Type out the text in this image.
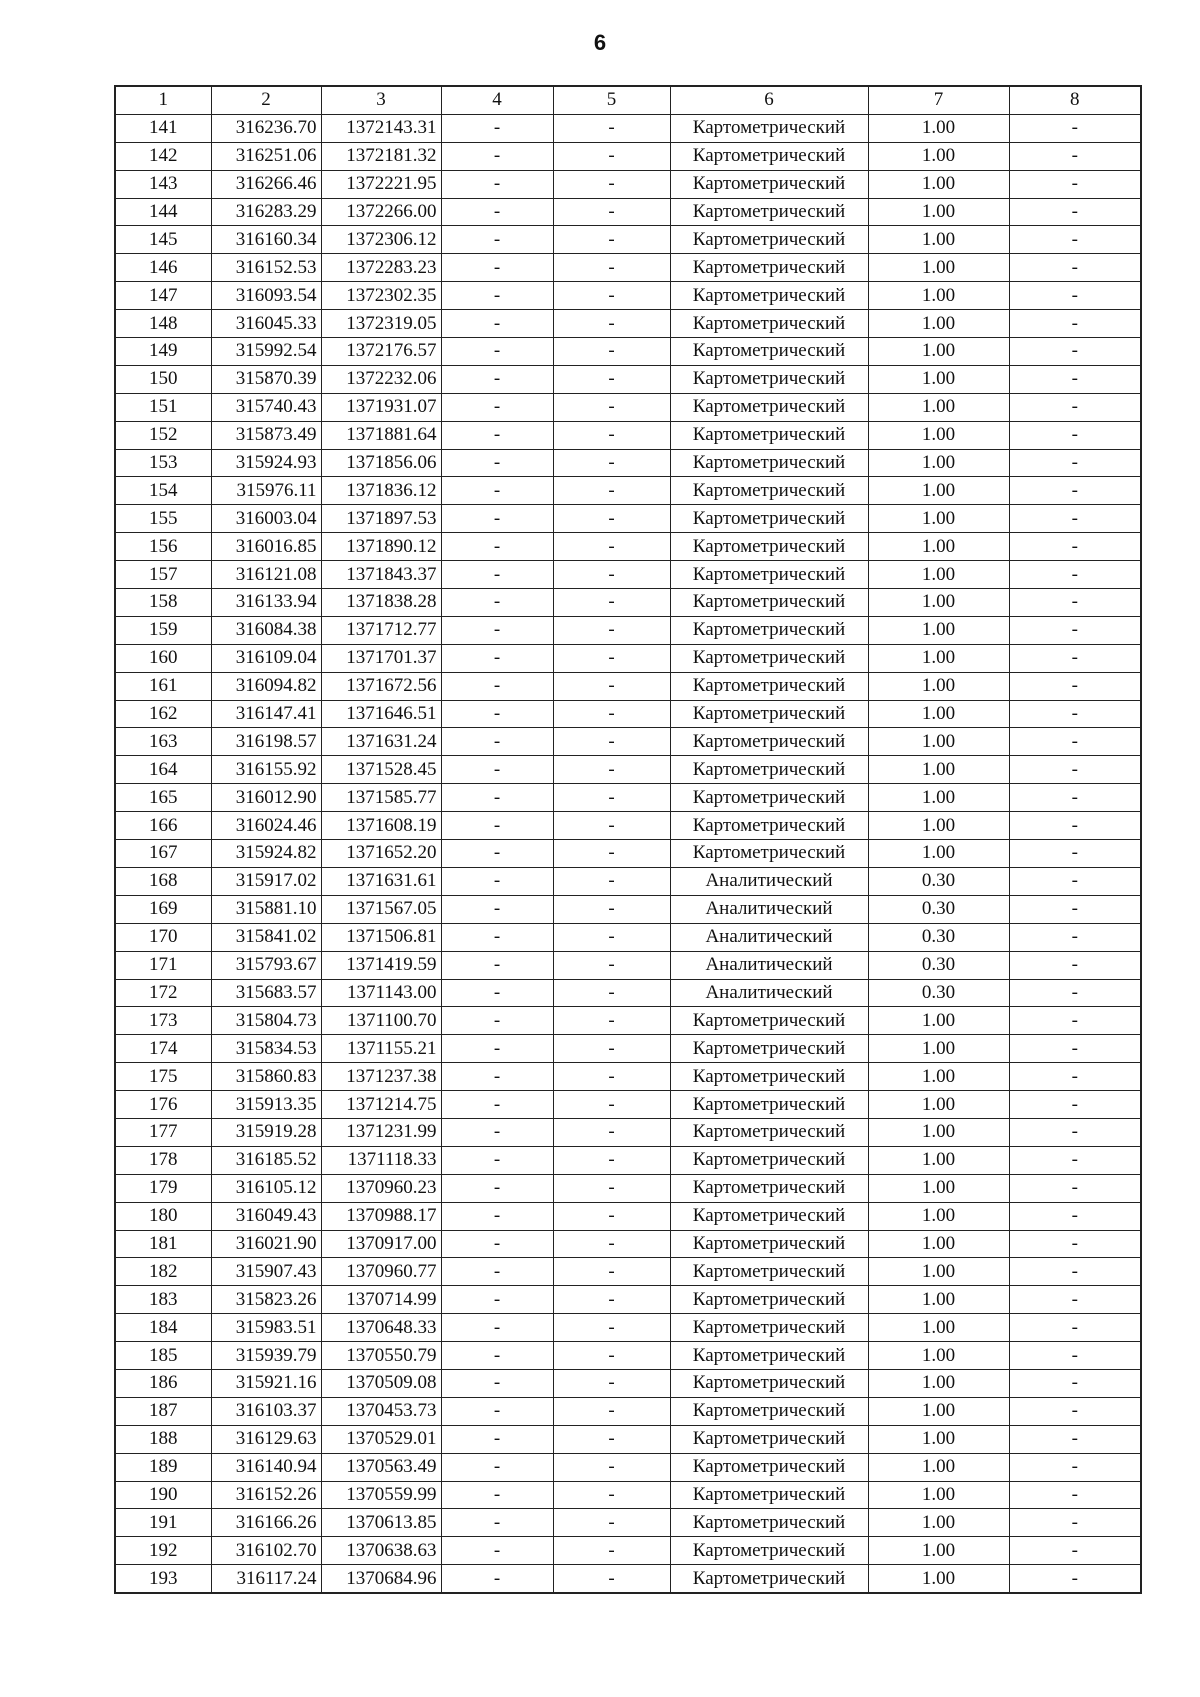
6
1	2	3	4	5	6	7	8
141	316236.70	1372143.31	-	-	Картометрический	1.00	-
142	316251.06	1372181.32	-	-	Картометрический	1.00	-
143	316266.46	1372221.95	-	-	Картометрический	1.00	-
144	316283.29	1372266.00	-	-	Картометрический	1.00	-
145	316160.34	1372306.12	-	-	Картометрический	1.00	-
146	316152.53	1372283.23	-	-	Картометрический	1.00	-
147	316093.54	1372302.35	-	-	Картометрический	1.00	-
148	316045.33	1372319.05	-	-	Картометрический	1.00	-
149	315992.54	1372176.57	-	-	Картометрический	1.00	-
150	315870.39	1372232.06	-	-	Картометрический	1.00	-
151	315740.43	1371931.07	-	-	Картометрический	1.00	-
152	315873.49	1371881.64	-	-	Картометрический	1.00	-
153	315924.93	1371856.06	-	-	Картометрический	1.00	-
154	315976.11	1371836.12	-	-	Картометрический	1.00	-
155	316003.04	1371897.53	-	-	Картометрический	1.00	-
156	316016.85	1371890.12	-	-	Картометрический	1.00	-
157	316121.08	1371843.37	-	-	Картометрический	1.00	-
158	316133.94	1371838.28	-	-	Картометрический	1.00	-
159	316084.38	1371712.77	-	-	Картометрический	1.00	-
160	316109.04	1371701.37	-	-	Картометрический	1.00	-
161	316094.82	1371672.56	-	-	Картометрический	1.00	-
162	316147.41	1371646.51	-	-	Картометрический	1.00	-
163	316198.57	1371631.24	-	-	Картометрический	1.00	-
164	316155.92	1371528.45	-	-	Картометрический	1.00	-
165	316012.90	1371585.77	-	-	Картометрический	1.00	-
166	316024.46	1371608.19	-	-	Картометрический	1.00	-
167	315924.82	1371652.20	-	-	Картометрический	1.00	-
168	315917.02	1371631.61	-	-	Аналитический	0.30	-
169	315881.10	1371567.05	-	-	Аналитический	0.30	-
170	315841.02	1371506.81	-	-	Аналитический	0.30	-
171	315793.67	1371419.59	-	-	Аналитический	0.30	-
172	315683.57	1371143.00	-	-	Аналитический	0.30	-
173	315804.73	1371100.70	-	-	Картометрический	1.00	-
174	315834.53	1371155.21	-	-	Картометрический	1.00	-
175	315860.83	1371237.38	-	-	Картометрический	1.00	-
176	315913.35	1371214.75	-	-	Картометрический	1.00	-
177	315919.28	1371231.99	-	-	Картометрический	1.00	-
178	316185.52	1371118.33	-	-	Картометрический	1.00	-
179	316105.12	1370960.23	-	-	Картометрический	1.00	-
180	316049.43	1370988.17	-	-	Картометрический	1.00	-
181	316021.90	1370917.00	-	-	Картометрический	1.00	-
182	315907.43	1370960.77	-	-	Картометрический	1.00	-
183	315823.26	1370714.99	-	-	Картометрический	1.00	-
184	315983.51	1370648.33	-	-	Картометрический	1.00	-
185	315939.79	1370550.79	-	-	Картометрический	1.00	-
186	315921.16	1370509.08	-	-	Картометрический	1.00	-
187	316103.37	1370453.73	-	-	Картометрический	1.00	-
188	316129.63	1370529.01	-	-	Картометрический	1.00	-
189	316140.94	1370563.49	-	-	Картометрический	1.00	-
190	316152.26	1370559.99	-	-	Картометрический	1.00	-
191	316166.26	1370613.85	-	-	Картометрический	1.00	-
192	316102.70	1370638.63	-	-	Картометрический	1.00	-
193	316117.24	1370684.96	-	-	Картометрический	1.00	-
